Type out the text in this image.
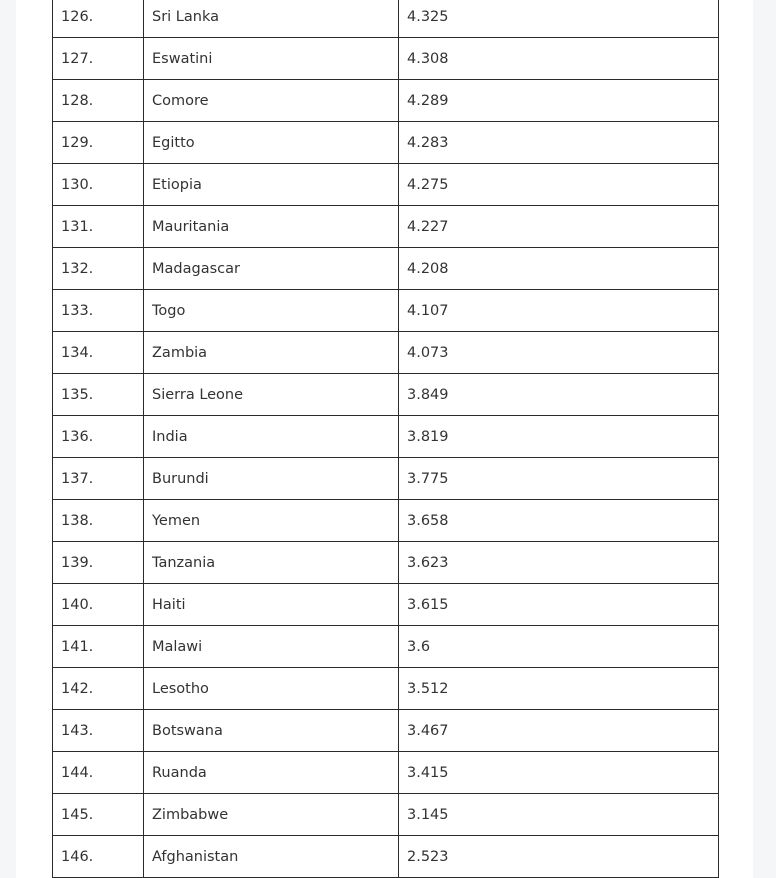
126.	Sri Lanka	4.325
127.	Eswatini	4.308
128.	Comore	4.289
129.	Egitto	4.283
130.	Etiopia	4.275
131.	Mauritania	4.227
132.	Madagascar	4.208
133.	Togo	4.107
134.	Zambia	4.073
135.	Sierra Leone	3.849
136.	India	3.819
137.	Burundi	3.775
138.	Yemen	3.658
139.	Tanzania	3.623
140.	Haiti	3.615
141.	Malawi	3.6
142.	Lesotho	3.512
143.	Botswana	3.467
144.	Ruanda	3.415
145.	Zimbabwe	3.145
146.	Afghanistan	2.523
